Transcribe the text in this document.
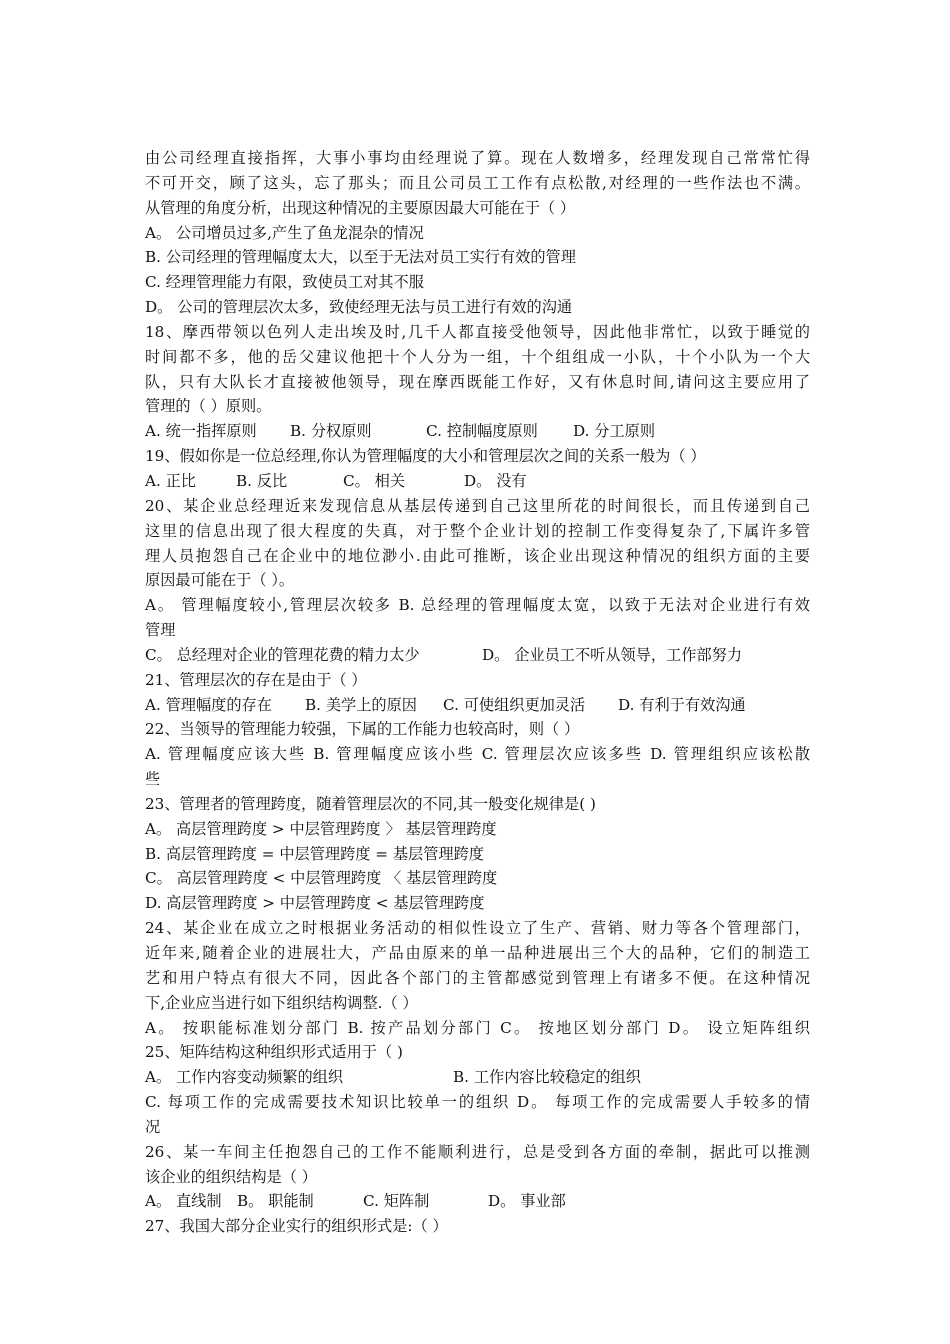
由公司经理直接指挥，大事小事均由经理说了算。现在人数增多，经理发现自己常常忙得
不可开交，顾了这头，忘了那头；而且公司员工工作有点松散,对经理的一些作法也不满。
从管理的角度分析，出现这种情况的主要原因最大可能在于（ ）
A。 公司增员过多,产生了鱼龙混杂的情况
B. 公司经理的管理幅度太大，以至于无法对员工实行有效的管理
C. 经理管理能力有限，致使员工对其不服
D。 公司的管理层次太多，致使经理无法与员工进行有效的沟通
18、摩西带领以色列人走出埃及时,几千人都直接受他领导，因此他非常忙，以致于睡觉的
时间都不多，他的岳父建议他把十个人分为一组，十个组组成一小队，十个小队为一个大
队，只有大队长才直接被他领导，现在摩西既能工作好，又有休息时间,请问这主要应用了
管理的（ ）原则。
A. 统一指挥原则 B. 分权原则	C. 控制幅度原则 D. 分工原则
19、假如你是一位总经理,你认为管理幅度的大小和管理层次之间的关系一般为（ ）
A. 正比	B. 反比	C。 相关	D。 没有
20、某企业总经理近来发现信息从基层传递到自己这里所花的时间很长，而且传递到自己
这里的信息出现了很大程度的失真，对于整个企业计划的控制工作变得复杂了,下属许多管
理人员抱怨自己在企业中的地位渺小.由此可推断，该企业出现这种情况的组织方面的主要
原因最可能在于（ ）。
A。 管理幅度较小,管理层次较多 B. 总经理的管理幅度太宽，以致于无法对企业进行有效
管理
C。 总经理对企业的管理花费的精力太少	D。 企业员工不听从领导，工作部努力
21、管理层次的存在是由于（ ）
A. 管理幅度的存在 B. 美学上的原因 C. 可使组织更加灵活 D. 有利于有效沟通
22、当领导的管理能力较强，下属的工作能力也较高时，则（ ）
A. 管理幅度应该大些 B. 管理幅度应该小些 C. 管理层次应该多些 D. 管理组织应该松散
些
23、管理者的管理跨度，随着管理层次的不同,其一般变化规律是( )
A。 高层管理跨度 > 中层管理跨度 〉 基层管理跨度
B. 高层管理跨度 = 中层管理跨度 = 基层管理跨度
C。 高层管理跨度 < 中层管理跨度 〈 基层管理跨度
D. 高层管理跨度 > 中层管理跨度 < 基层管理跨度
24、某企业在成立之时根据业务活动的相似性设立了生产、营销、财力等各个管理部门，
近年来,随着企业的进展壮大，产品由原来的单一品种进展出三个大的品种，它们的制造工
艺和用户特点有很大不同，因此各个部门的主管都感觉到管理上有诸多不便。在这种情况
下,企业应当进行如下组织结构调整.（ ）
A。 按职能标准划分部门 B. 按产品划分部门 C。 按地区划分部门 D。 设立矩阵组织
25、矩阵结构这种组织形式适用于（ )
A。 工作内容变动频繁的组织	B. 工作内容比较稳定的组织
C. 每项工作的完成需要技术知识比较单一的组织 D。 每项工作的完成需要人手较多的情
况
26、某一车间主任抱怨自己的工作不能顺利进行，总是受到各方面的牵制，据此可以推测
该企业的组织结构是（ ）
A。 直线制 B。 职能制	C. 矩阵制	D。 事业部
27、我国大部分企业实行的组织形式是:（ ）
